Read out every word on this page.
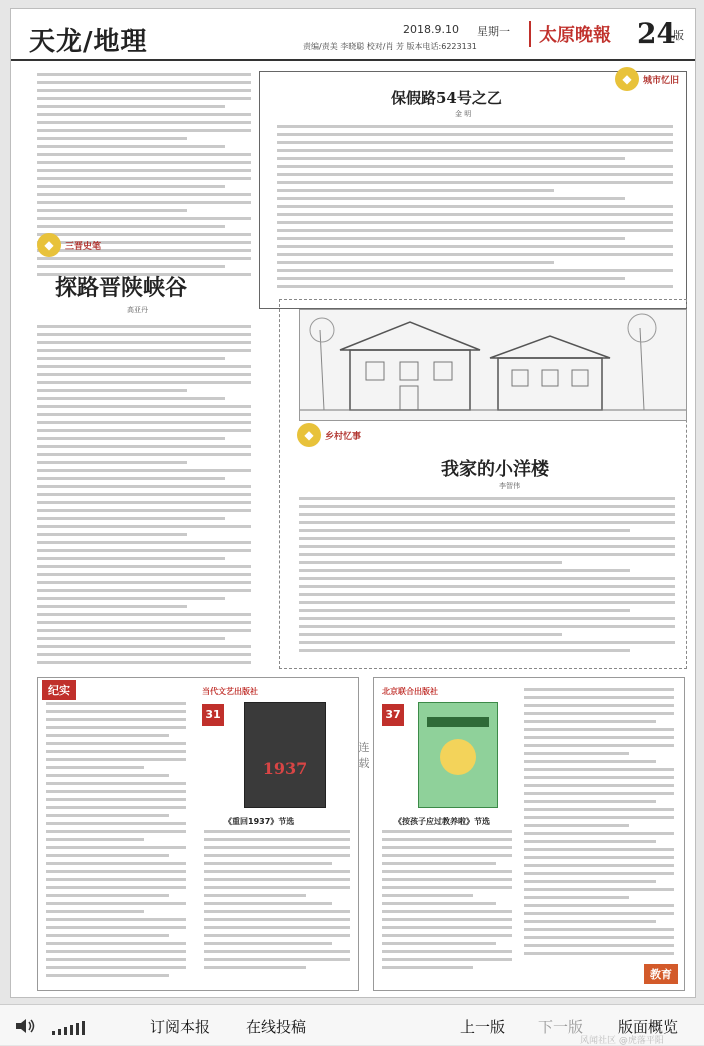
天龙/地理	2018.9.10 星期一
责编/责美 李晓聪 校对/肖 芳 版本电话:6223131
太原晚報 24
版
◆	三晋史笔
探路晋陕峡谷
高亚丹
◆	城市忆旧
保假路54号之乙
金 明
◆	乡村忆事
我家的小洋楼
李智伟
纪实	当代文艺出版社
31
1937
《重回1937》节选
连载
北京联合出版社
37
《按孩子应过教养啦》节选
教育
订阅本报 在线投稿	上一版 下一版 版面概览
风闻社区 @虎落平阳
